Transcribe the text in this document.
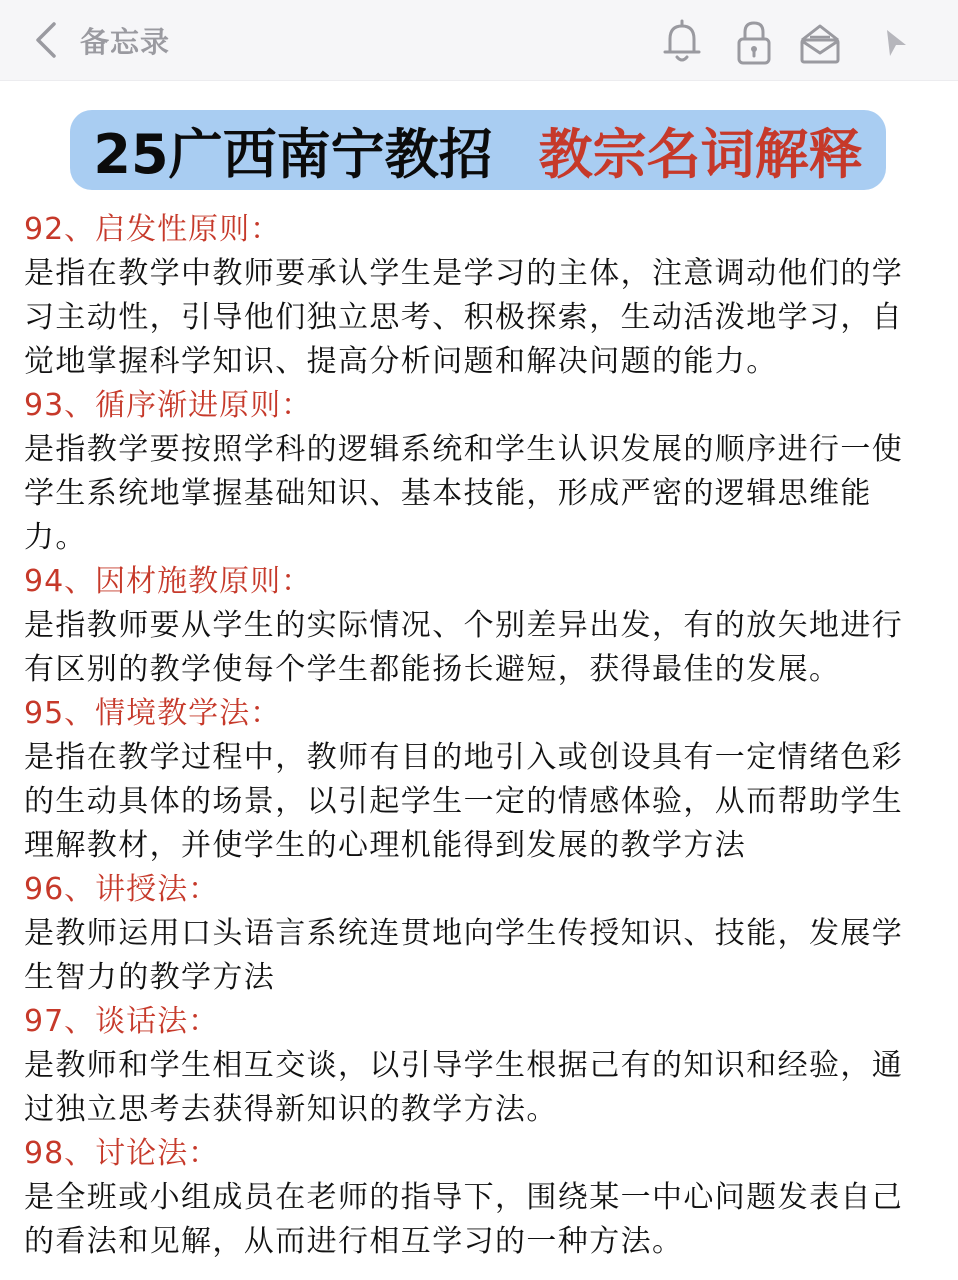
备忘录
25广西南宁教招 教宗名词解释
92、启发性原则：
是指在教学中教师要承认学生是学习的主体，注意调动他们的学
习主动性，引导他们独立思考、积极探索，生动活泼地学习，自
觉地掌握科学知识、提高分析问题和解决问题的能力。
93、循序渐进原则：
是指教学要按照学科的逻辑系统和学生认识发展的顺序进行一使
学生系统地掌握基础知识、基本技能，形成严密的逻辑思维能
力。
94、因材施教原则：
是指教师要从学生的实际情况、个别差异出发，有的放矢地进行
有区别的教学使每个学生都能扬长避短，获得最佳的发展。
95、情境教学法：
是指在教学过程中，教师有目的地引入或创设具有一定情绪色彩
的生动具体的场景，以引起学生一定的情感体验，从而帮助学生
理解教材，并使学生的心理机能得到发展的教学方法
96、讲授法：
是教师运用口头语言系统连贯地向学生传授知识、技能，发展学
生智力的教学方法
97、谈话法：
是教师和学生相互交谈，以引导学生根据己有的知识和经验，通
过独立思考去获得新知识的教学方法。
98、讨论法：
是全班或小组成员在老师的指导下，围绕某一中心问题发表自己
的看法和见解，从而进行相互学习的一种方法。
